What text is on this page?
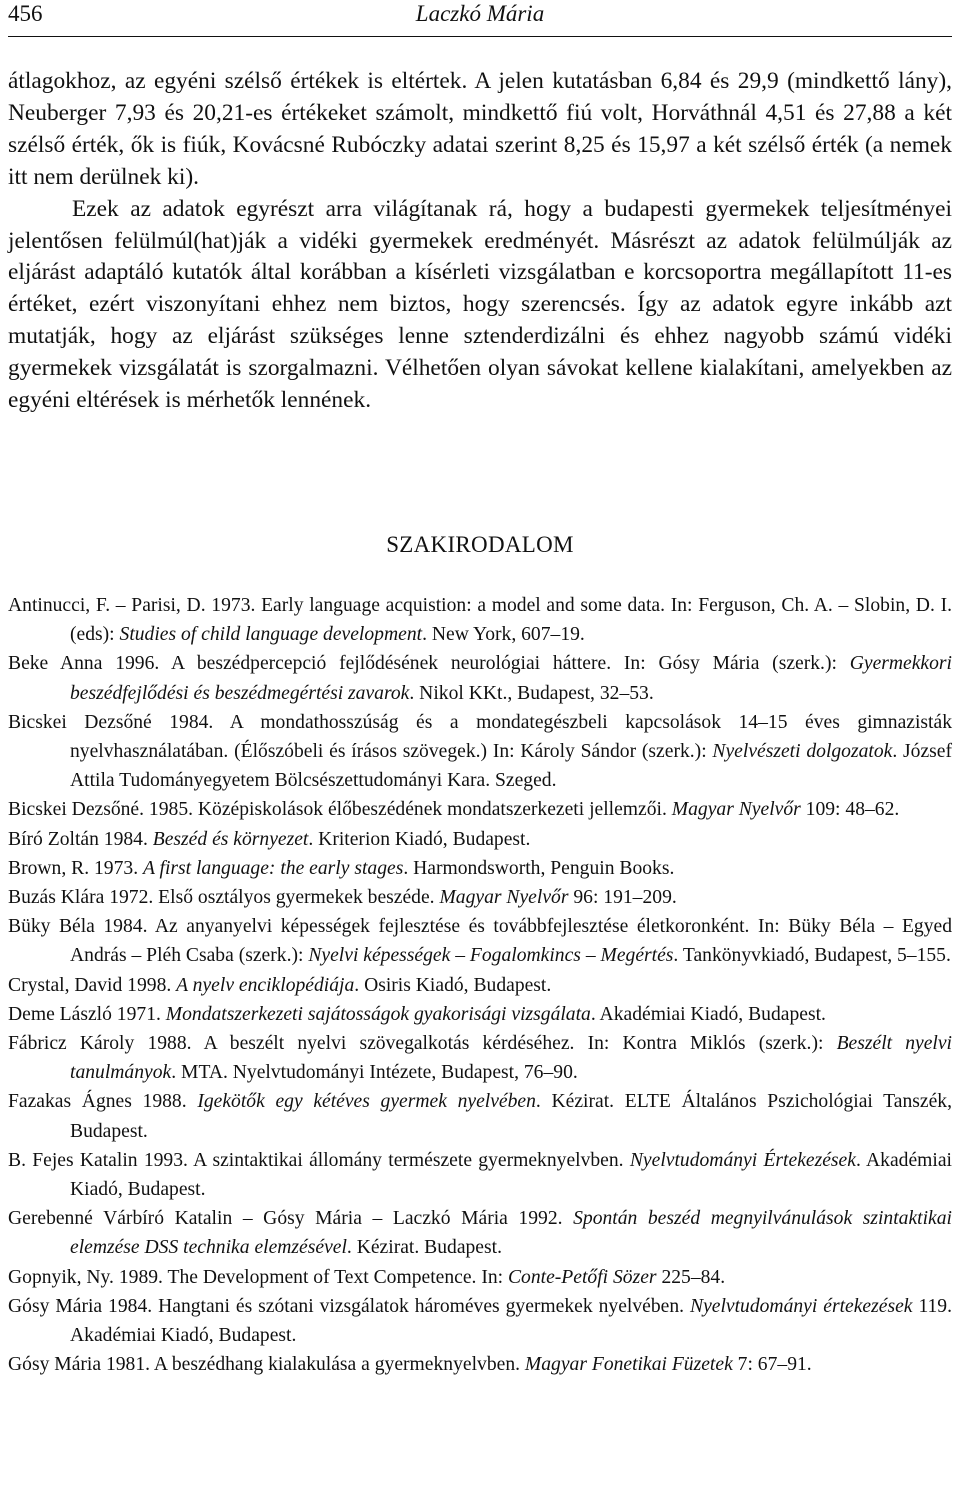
456	Laczkó Mária

átlagokhoz, az egyéni szélső értékek is eltértek. A jelen kutatásban 6,84 és 29,9 (mindkettő lány), Neuberger 7,93 és 20,21-es értékeket számolt, mindkettő fiú volt, Horváthnál 4,51 és 27,88 a két szélső érték, ők is fiúk, Kovácsné Rubóczky adatai szerint 8,25 és 15,97 a két szélső érték (a nemek itt nem derülnek ki).

Ezek az adatok egyrészt arra világítanak rá, hogy a budapesti gyermekek teljesítményei jelentősen felülmúl(hat)ják a vidéki gyermekek eredményét. Másrészt az adatok felülmúlják az eljárást adaptáló kutatók által korábban a kísérleti vizsgálatban e korcsoportra megállapított 11-es értéket, ezért viszonyítani ehhez nem biztos, hogy szerencsés. Így az adatok egyre inkább azt mutatják, hogy az eljárást szükséges lenne sztenderdizálni és ehhez nagyobb számú vidéki gyermekek vizsgálatát is szorgalmazni. Vélhetően olyan sávokat kellene kialakítani, amelyekben az egyéni eltérések is mérhetők lennének.

SZAKIRODALOM

Antinucci, F. – Parisi, D. 1973. Early language acquistion: a model and some data. In: Ferguson, Ch. A. – Slobin, D. I. (eds): Studies of child language development. New York, 607–19.

Beke Anna 1996. A beszédpercepció fejlődésének neurológiai háttere. In: Gósy Mária (szerk.): Gyermekkori beszédfejlődési és beszédmegértési zavarok. Nikol KKt., Budapest, 32–53.

Bicskei Dezsőné 1984. A mondathosszúság és a mondategészbeli kapcsolások 14–15 éves gimnazisták nyelvhasználatában. (Élőszóbeli és írásos szövegek.) In: Károly Sándor (szerk.): Nyelvészeti dolgozatok. József Attila Tudományegyetem Bölcsészettudományi Kara. Szeged.

Bicskei Dezsőné. 1985. Középiskolások élőbeszédének mondatszerkezeti jellemzői. Magyar Nyelvőr 109: 48–62.

Bíró Zoltán 1984. Beszéd és környezet. Kriterion Kiadó, Budapest.

Brown, R. 1973. A first language: the early stages. Harmondsworth, Penguin Books.

Buzás Klára 1972. Első osztályos gyermekek beszéde. Magyar Nyelvőr 96: 191–209.

Büky Béla 1984. Az anyanyelvi képességek fejlesztése és továbbfejlesztése életkoronként. In: Büky Béla – Egyed András – Pléh Csaba (szerk.): Nyelvi képességek – Fogalomkincs – Megértés. Tankönyvkiadó, Budapest, 5–155.

Crystal, David 1998. A nyelv enciklopédiája. Osiris Kiadó, Budapest.

Deme László 1971. Mondatszerkezeti sajátosságok gyakorisági vizsgálata. Akadémiai Kiadó, Budapest.

Fábricz Károly 1988. A beszélt nyelvi szövegalkotás kérdéséhez. In: Kontra Miklós (szerk.): Beszélt nyelvi tanulmányok. MTA. Nyelvtudományi Intézete, Budapest, 76–90.

Fazakas Ágnes 1988. Igekötők egy kétéves gyermek nyelvében. Kézirat. ELTE Általános Pszichológiai Tanszék, Budapest.

B. Fejes Katalin 1993. A szintaktikai állomány természete gyermeknyelvben. Nyelvtudományi Értekezések. Akadémiai Kiadó, Budapest.

Gerebenné Várbíró Katalin – Gósy Mária – Laczkó Mária 1992. Spontán beszéd megnyilvánulások szintaktikai elemzése DSS technika elemzésével. Kézirat. Budapest.

Gopnyik, Ny. 1989. The Development of Text Competence. In: Conte-Petőfi Sözer 225–84.

Gósy Mária 1984. Hangtani és szótani vizsgálatok hároméves gyermekek nyelvében. Nyelvtudományi értekezések 119. Akadémiai Kiadó, Budapest.

Gósy Mária 1981. A beszédhang kialakulása a gyermeknyelvben. Magyar Fonetikai Füzetek 7: 67–91.
